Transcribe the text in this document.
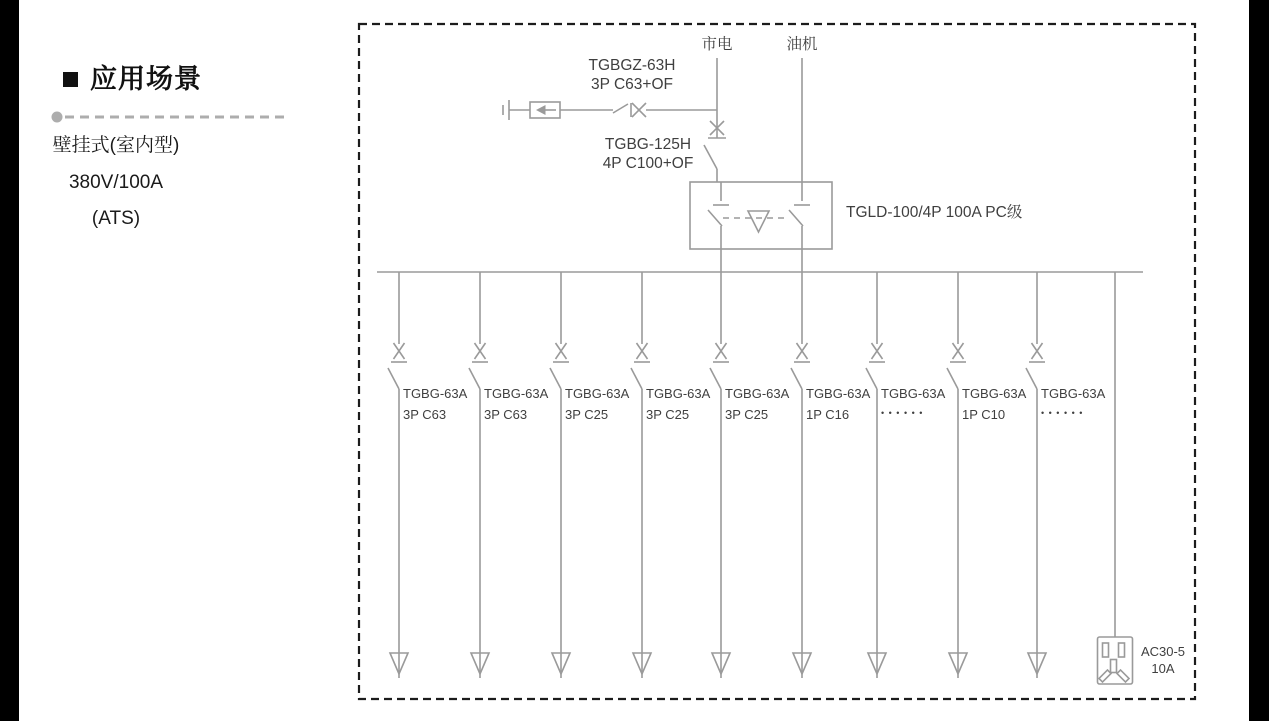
应用场景
壁挂式(室内型)
380V/100A
(ATS)
市电	油机
TGBGZ-63H
3P C63+OF
TGBG-125H
4P C100+OF
TGLD-100/4P 100A PC级
AC30-5
10A
TGBG-63A
3P C63
TGBG-63A
3P C63
TGBG-63A
3P C25
TGBG-63A
3P C25
TGBG-63A
3P C25
TGBG-63A
1P C16
TGBG-63A
••••••
TGBG-63A
1P C10
TGBG-63A
••••••
